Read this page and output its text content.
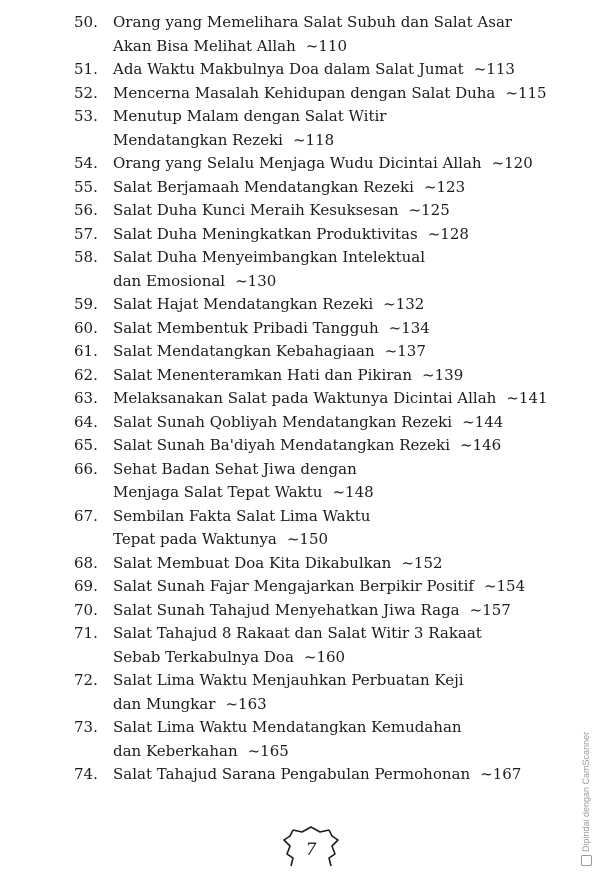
50.	Orang yang Memelihara Salat Subuh dan Salat Asar
Akan Bisa Melihat Allah ~110
51.	Ada Waktu Makbulnya Doa dalam Salat Jumat ~113
52.	Mencerna Masalah Kehidupan dengan Salat Duha ~115
53.	Menutup Malam dengan Salat Witir
Mendatangkan Rezeki ~118
54.	Orang yang Selalu Menjaga Wudu Dicintai Allah ~120
55.	Salat Berjamaah Mendatangkan Rezeki ~123
56.	Salat Duha Kunci Meraih Kesuksesan ~125
57.	Salat Duha Meningkatkan Produktivitas ~128
58.	Salat Duha Menyeimbangkan Intelektual
dan Emosional ~130
59.	Salat Hajat Mendatangkan Rezeki ~132
60.	Salat Membentuk Pribadi Tangguh ~134
61.	Salat Mendatangkan Kebahagiaan ~137
62.	Salat Menenteramkan Hati dan Pikiran ~139
63.	Melaksanakan Salat pada Waktunya Dicintai Allah ~141
64.	Salat Sunah Qobliyah Mendatangkan Rezeki ~144
65.	Salat Sunah Ba'diyah Mendatangkan Rezeki ~146
66.	Sehat Badan Sehat Jiwa dengan
Menjaga Salat Tepat Waktu ~148
67.	Sembilan Fakta Salat Lima Waktu
Tepat pada Waktunya ~150
68.	Salat Membuat Doa Kita Dikabulkan ~152
69.	Salat Sunah Fajar Mengajarkan Berpikir Positif ~154
70.	Salat Sunah Tahajud Menyehatkan Jiwa Raga ~157
71.	Salat Tahajud 8 Rakaat dan Salat Witir 3 Rakaat
Sebab Terkabulnya Doa ~160
72.	Salat Lima Waktu Menjauhkan Perbuatan Keji
dan Mungkar ~163
73.	Salat Lima Waktu Mendatangkan Kemudahan
dan Keberkahan ~165
74.	Salat Tahajud Sarana Pengabulan Permohonan ~167
7	Dipindai dengan CamScanner
